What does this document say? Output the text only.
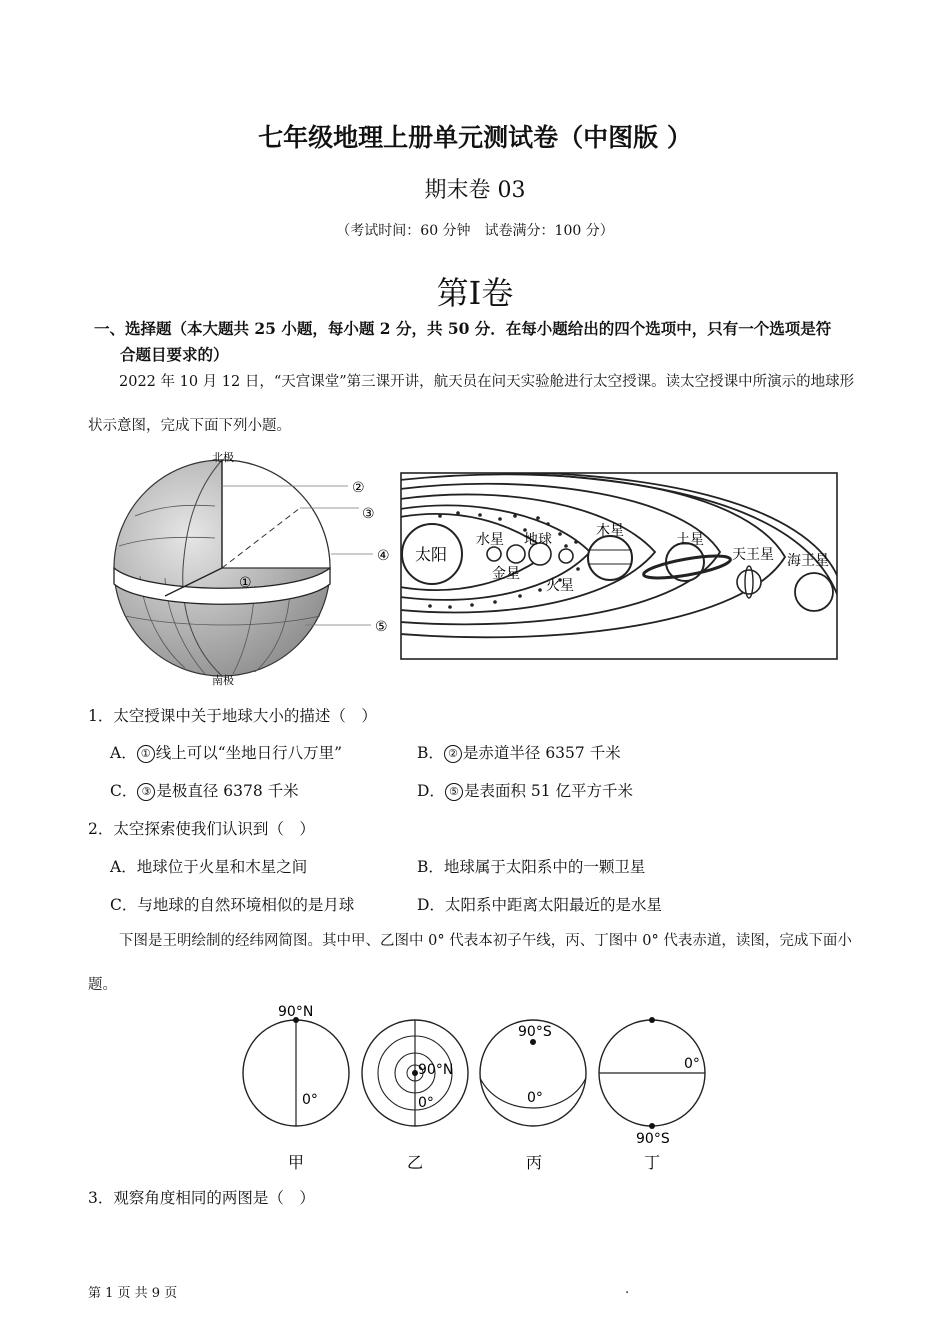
七年级地理上册单元测试卷（中图版 ）
期末卷 03
（考试时间：60 分钟　试卷满分：100 分）
第I卷
一、选择题（本大题共 25 小题，每小题 2 分，共 50 分．在每小题给出的四个选项中，只有一个选项是符
合题目要求的）
2022 年 10 月 12 日，“天宫课堂”第三课开讲，航天员在问天实验舱进行太空授课。读太空授课中所演示的地球形状示意图，完成下面下列小题。
北极
南极
①
②
③
④
⑤
太阳
水星
金星
地球
火星
木星
土星
天王星 海王星
1．太空授课中关于地球大小的描述（　）
A． ① 线上可以“坐地日行八万里”	B． ② 是赤道半径 6357 千米
C． ③ 是极直径 6378 千米	D． ⑤ 是表面积 51 亿平方千米
2．太空探索使我们认识到（　）
A．地球位于火星和木星之间	B．地球属于太阳系中的一颗卫星
C．与地球的自然环境相似的是月球	D．太阳系中距离太阳最近的是水星
下图是王明绘制的经纬网简图。其中甲、乙图中 0° 代表本初子午线，丙、丁图中 0° 代表赤道，读图，完成下面小题。
90°N
0°
甲
90°N
0°
乙
90°S
0°
丙
0°
90°S
丁
3．观察角度相同的两图是（　）
第 1 页 共 9 页	.
